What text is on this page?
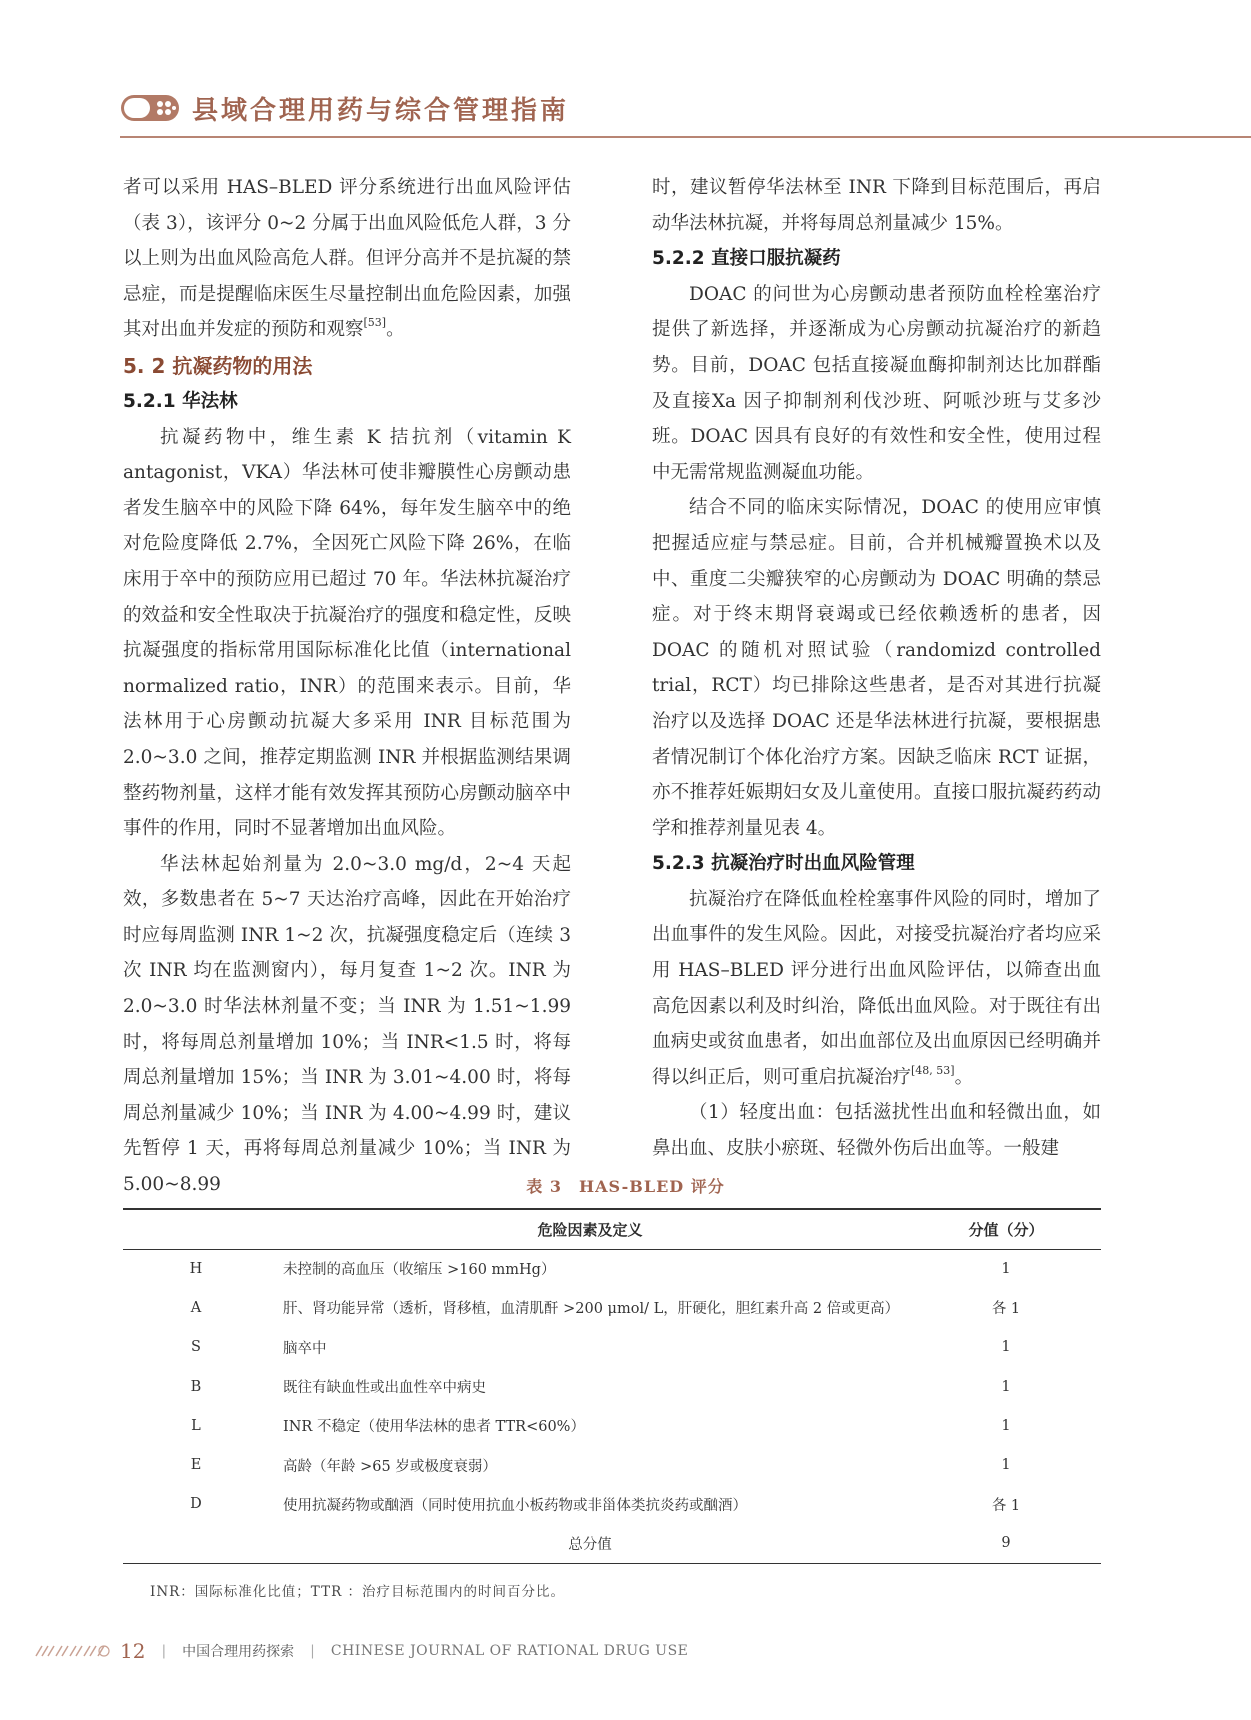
县域合理用药与综合管理指南

者可以采用 HAS–BLED 评分系统进行出血风险评估（表 3），该评分 0~2 分属于出血风险低危人群，3 分以上则为出血风险高危人群。但评分高并不是抗凝的禁忌症，而是提醒临床医生尽量控制出血危险因素，加强其对出血并发症的预防和观察[53]。

5. 2 抗凝药物的用法

5.2.1 华法林

抗凝药物中，维生素 K 拮抗剂（vitamin K antagonist，VKA）华法林可使非瓣膜性心房颤动患者发生脑卒中的风险下降 64%，每年发生脑卒中的绝对危险度降低 2.7%，全因死亡风险下降 26%，在临床用于卒中的预防应用已超过 70 年。华法林抗凝治疗的效益和安全性取决于抗凝治疗的强度和稳定性，反映抗凝强度的指标常用国际标准化比值（international normalized ratio，INR）的范围来表示。目前，华法林用于心房颤动抗凝大多采用 INR 目标范围为 2.0~3.0 之间，推荐定期监测 INR 并根据监测结果调整药物剂量，这样才能有效发挥其预防心房颤动脑卒中事件的作用，同时不显著增加出血风险。

华法林起始剂量为 2.0~3.0 mg/d，2~4 天起效，多数患者在 5~7 天达治疗高峰，因此在开始治疗时应每周监测 INR 1~2 次，抗凝强度稳定后（连续 3 次 INR 均在监测窗内），每月复查 1~2 次。INR 为 2.0~3.0 时华法林剂量不变；当 INR 为 1.51~1.99 时，将每周总剂量增加 10%；当 INR<1.5 时，将每周总剂量增加 15%；当 INR 为 3.01~4.00 时，将每周总剂量减少 10%；当 INR 为 4.00~4.99 时，建议先暂停 1 天，再将每周总剂量减少 10%；当 INR 为 5.00~8.99

时，建议暂停华法林至 INR 下降到目标范围后，再启动华法林抗凝，并将每周总剂量减少 15%。

5.2.2 直接口服抗凝药

DOAC 的问世为心房颤动患者预防血栓栓塞治疗提供了新选择，并逐渐成为心房颤动抗凝治疗的新趋势。目前，DOAC 包括直接凝血酶抑制剂达比加群酯及直接Xa 因子抑制剂利伐沙班、阿哌沙班与艾多沙班。DOAC 因具有良好的有效性和安全性，使用过程中无需常规监测凝血功能。

结合不同的临床实际情况，DOAC 的使用应审慎把握适应症与禁忌症。目前，合并机械瓣置换术以及中、重度二尖瓣狭窄的心房颤动为 DOAC 明确的禁忌症。对于终末期肾衰竭或已经依赖透析的患者，因 DOAC 的随机对照试验（randomizd controlled trial，RCT）均已排除这些患者，是否对其进行抗凝治疗以及选择 DOAC 还是华法林进行抗凝，要根据患者情况制订个体化治疗方案。因缺乏临床 RCT 证据，亦不推荐妊娠期妇女及儿童使用。直接口服抗凝药药动学和推荐剂量见表 4。

5.2.3 抗凝治疗时出血风险管理

抗凝治疗在降低血栓栓塞事件风险的同时，增加了出血事件的发生风险。因此，对接受抗凝治疗者均应采用 HAS–BLED 评分进行出血风险评估，以筛查出血高危因素以利及时纠治，降低出血风险。对于既往有出血病史或贫血患者，如出血部位及出血原因已经明确并得以纠正后，则可重启抗凝治疗[48, 53]。

（1）轻度出血：包括滋扰性出血和轻微出血，如鼻出血、皮肤小瘀斑、轻微外伤后出血等。一般建

表 3　HAS-BLED 评分
	危险因素及定义	分值（分）
H	未控制的高血压（收缩压 >160 mmHg）	1
A	肝、肾功能异常（透析，肾移植，血清肌酐 >200 μmol/ L，肝硬化，胆红素升高 2 倍或更高）	各 1
S	脑卒中	1
B	既往有缺血性或出血性卒中病史	1
L	INR 不稳定（使用华法林的患者 TTR<60%）	1
E	高龄（年龄 >65 岁或极度衰弱）	1
D	使用抗凝药物或酗酒（同时使用抗血小板药物或非甾体类抗炎药或酗酒）	各 1
	总分值	9
INR：国际标准化比值；TTR ：治疗目标范围内的时间百分比。
12 | 中国合理用药探索 | CHINESE JOURNAL OF RATIONAL DRUG USE
